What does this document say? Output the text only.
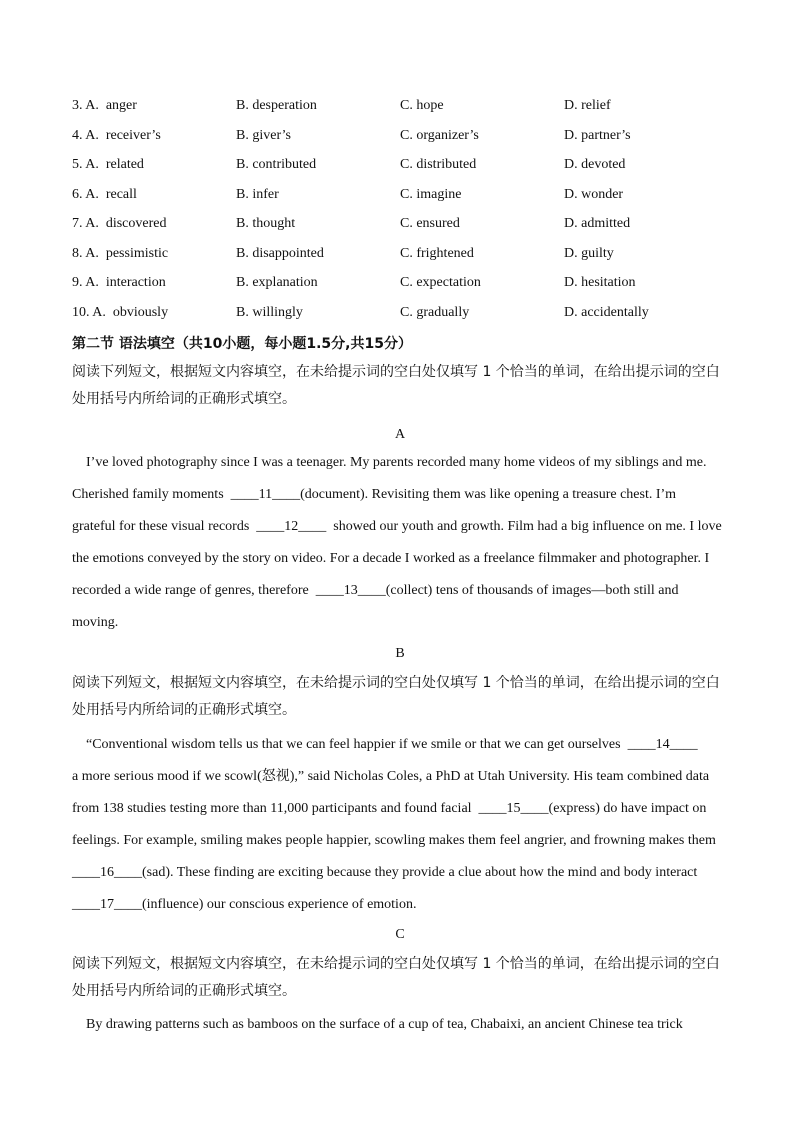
3. A. anger	B. desperation	C. hope	D. relief
4. A. receiver’s	B. giver’s	C. organizer’s	D. partner’s
5. A. related	B. contributed	C. distributed	D. devoted
6. A. recall	B. infer	C. imagine	D. wonder
7. A. discovered	B. thought	C. ensured	D. admitted
8. A. pessimistic	B. disappointed	C. frightened	D. guilty
9. A. interaction	B. explanation	C. expectation	D. hesitation
10. A. obviously	B. willingly	C. gradually	D. accidentally
第二节 语法填空（共10小题，每小题1.5分,共15分）
阅读下列短文，根据短文内容填空，在未给提示词的空白处仅填写 1 个恰当的单词，在给出提示词的空白
处用括号内所给词的正确形式填空。
A
I’ve loved photography since I was a teenager. My parents recorded many home videos of my siblings and me.
Cherished family moments  ____11____(document). Revisiting them was like opening a treasure chest. I’m
grateful for these visual records  ____12____  showed our youth and growth. Film had a big influence on me. I love
the emotions conveyed by the story on video. For a decade I worked as a freelance filmmaker and photographer. I
recorded a wide range of genres, therefore  ____13____(collect) tens of thousands of images—both still and
moving.
B
阅读下列短文，根据短文内容填空，在未给提示词的空白处仅填写 1 个恰当的单词，在给出提示词的空白
处用括号内所给词的正确形式填空。
“Conventional wisdom tells us that we can feel happier if we smile or that we can get ourselves  ____14____
a more serious mood if we scowl(怒视),” said Nicholas Coles, a PhD at Utah University. His team combined data
from 138 studies testing more than 11,000 participants and found facial  ____15____(express) do have impact on
feelings. For example, smiling makes people happier, scowling makes them feel angrier, and frowning makes them
____16____(sad). These finding are exciting because they provide a clue about how the mind and body interact
____17____(influence) our conscious experience of emotion.
C
阅读下列短文，根据短文内容填空，在未给提示词的空白处仅填写 1 个恰当的单词，在给出提示词的空白
处用括号内所给词的正确形式填空。
By drawing patterns such as bamboos on the surface of a cup of tea, Chabaixi, an ancient Chinese tea trick
